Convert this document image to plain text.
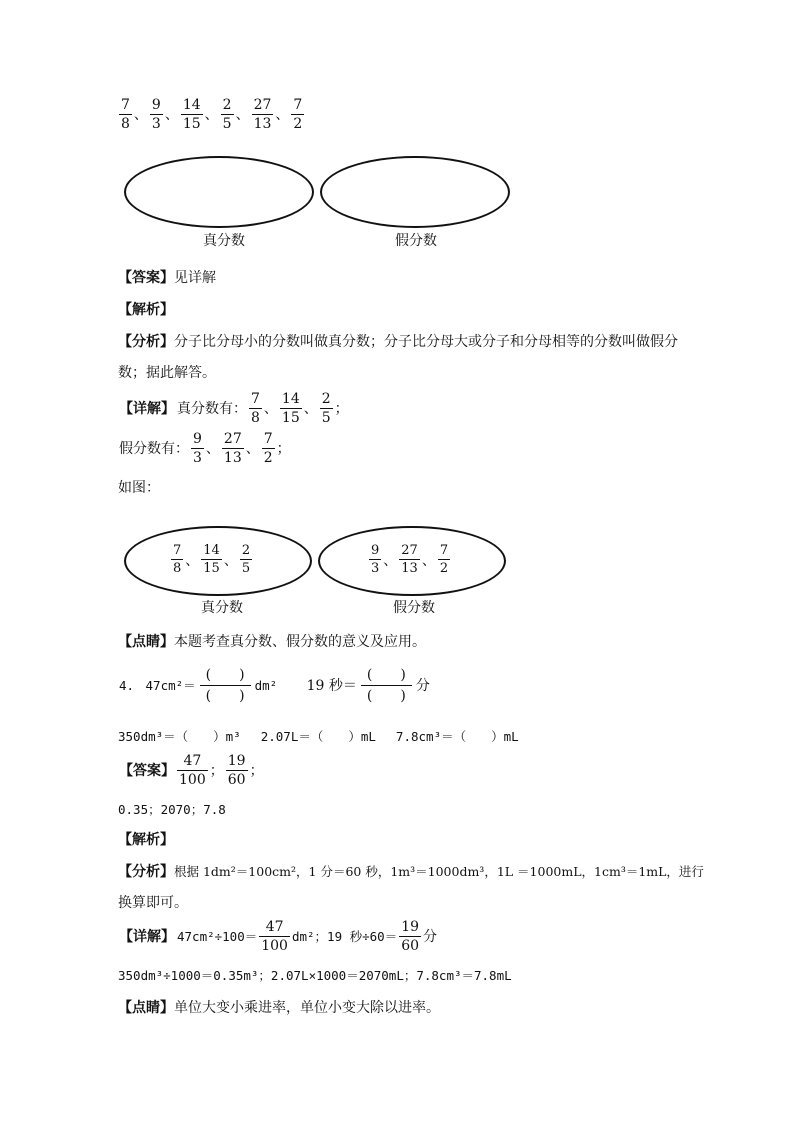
$\frac{7}{8}$ 、 $\frac{9}{3}$ 、 $\frac{14}{15}$ 、 $\frac{2}{5}$ 、 $\frac{27}{13}$ 、 $\frac{7}{2}$
真分数	假分数
【答案】见详解
【解析】
【分析】分子比分母小的分数叫做真分数；分子比分母大或分子和分母相等的分数叫做假分
数；据此解答。
【详解】 真分数有： $\frac{7}{8}$ 、 $\frac{14}{15}$ 、 $\frac{2}{5}$ ；
假分数有： $\frac{9}{3}$ 、 $\frac{27}{13}$ 、 $\frac{7}{2}$ ；
如图：
$\frac{7}{8}$ 、 $\frac{14}{15}$ 、 $\frac{2}{5}$	$\frac{9}{3}$ 、 $\frac{27}{13}$ 、 $\frac{7}{2}$
真分数	假分数
【点睛】本题考查真分数、假分数的意义及应用。
4. 47cm²＝
(　　)
(　　)
dm² 19 秒＝
(　　)
(　　)
分
350dm³＝（　　）m³　 2.07L＝（　　）mL　 7.8cm³＝（　　）mL
【答案】 $\frac{47}{100}$ ； $\frac{19}{60}$ ；
0.35；2070；7.8
【解析】
【分析】根据 1dm²＝100cm²，1 分＝60 秒，1m³＝1000dm³，1L ＝1000mL，1cm³＝1mL，进行
换算即可。
【详解】 $47cm^2\div 100= \frac{47}{100} dm^2$；19 秒$\div 60= \frac{19}{60}$ 分
350dm³÷1000＝0.35m³；2.07L×1000＝2070mL；7.8cm³＝7.8mL
【点睛】单位大变小乘进率，单位小变大除以进率。
